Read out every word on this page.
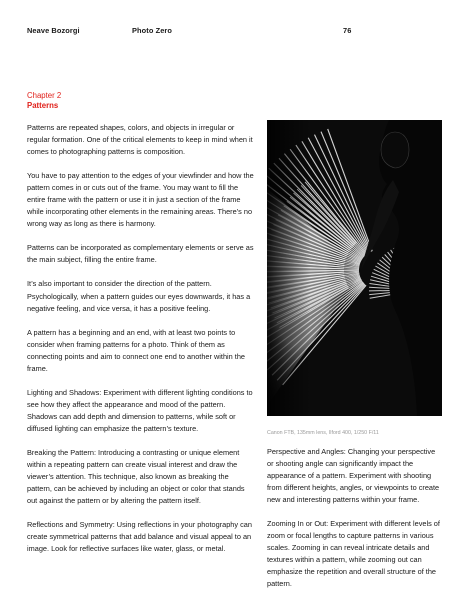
Neave Bozorgi	Photo Zero	76
Chapter 2
Patterns

Patterns are repeated shapes, colors, and objects in irregular or regular formation. One of the critical elements to keep in mind when it comes to photographing patterns is composition.

You have to pay attention to the edges of your viewfinder and how the pattern comes in or cuts out of the frame. You may want to fill the entire frame with the pattern or use it in just a section of the frame while incorporating other elements in the remaining areas. There’s no wrong way as long as there is harmony.

Patterns can be incorporated as complementary elements or serve as the main subject, filling the entire frame.

It’s also important to consider the direction of the pattern. Psychologically, when a pattern guides our eyes downwards, it has a negative feeling, and vice versa, it has a positive feeling.

A pattern has a beginning and an end, with at least two points to consider when framing patterns for a photo. Think of them as connecting points and aim to connect one end to another within the frame.

Lighting and Shadows: Experiment with different lighting conditions to see how they affect the appearance and mood of the pattern. Shadows can add depth and dimension to patterns, while soft or diffused lighting can emphasize the pattern’s texture.

Breaking the Pattern: Introducing a contrasting or unique element within a repeating pattern can create visual interest and draw the viewer’s attention. This technique, also known as breaking the pattern, can be achieved by including an object or color that stands out against the pattern or by altering the pattern itself.

Reflections and Symmetry: Using reflections in your photography can create symmetrical patterns that add balance and visual appeal to an image. Look for reflective surfaces like water, glass, or metal.

Canon FTB, 135mm lens, Ilford 400, 1/250 F/11

Perspective and Angles: Changing your perspective or shooting angle can significantly impact the appearance of a pattern. Experiment with shooting from different heights, angles, or viewpoints to create new and interesting patterns within your frame.

Zooming In or Out: Experiment with different levels of zoom or focal lengths to capture patterns in various scales. Zooming in can reveal intricate details and textures within a pattern, while zooming out can emphasize the repetition and overall structure of the pattern.
